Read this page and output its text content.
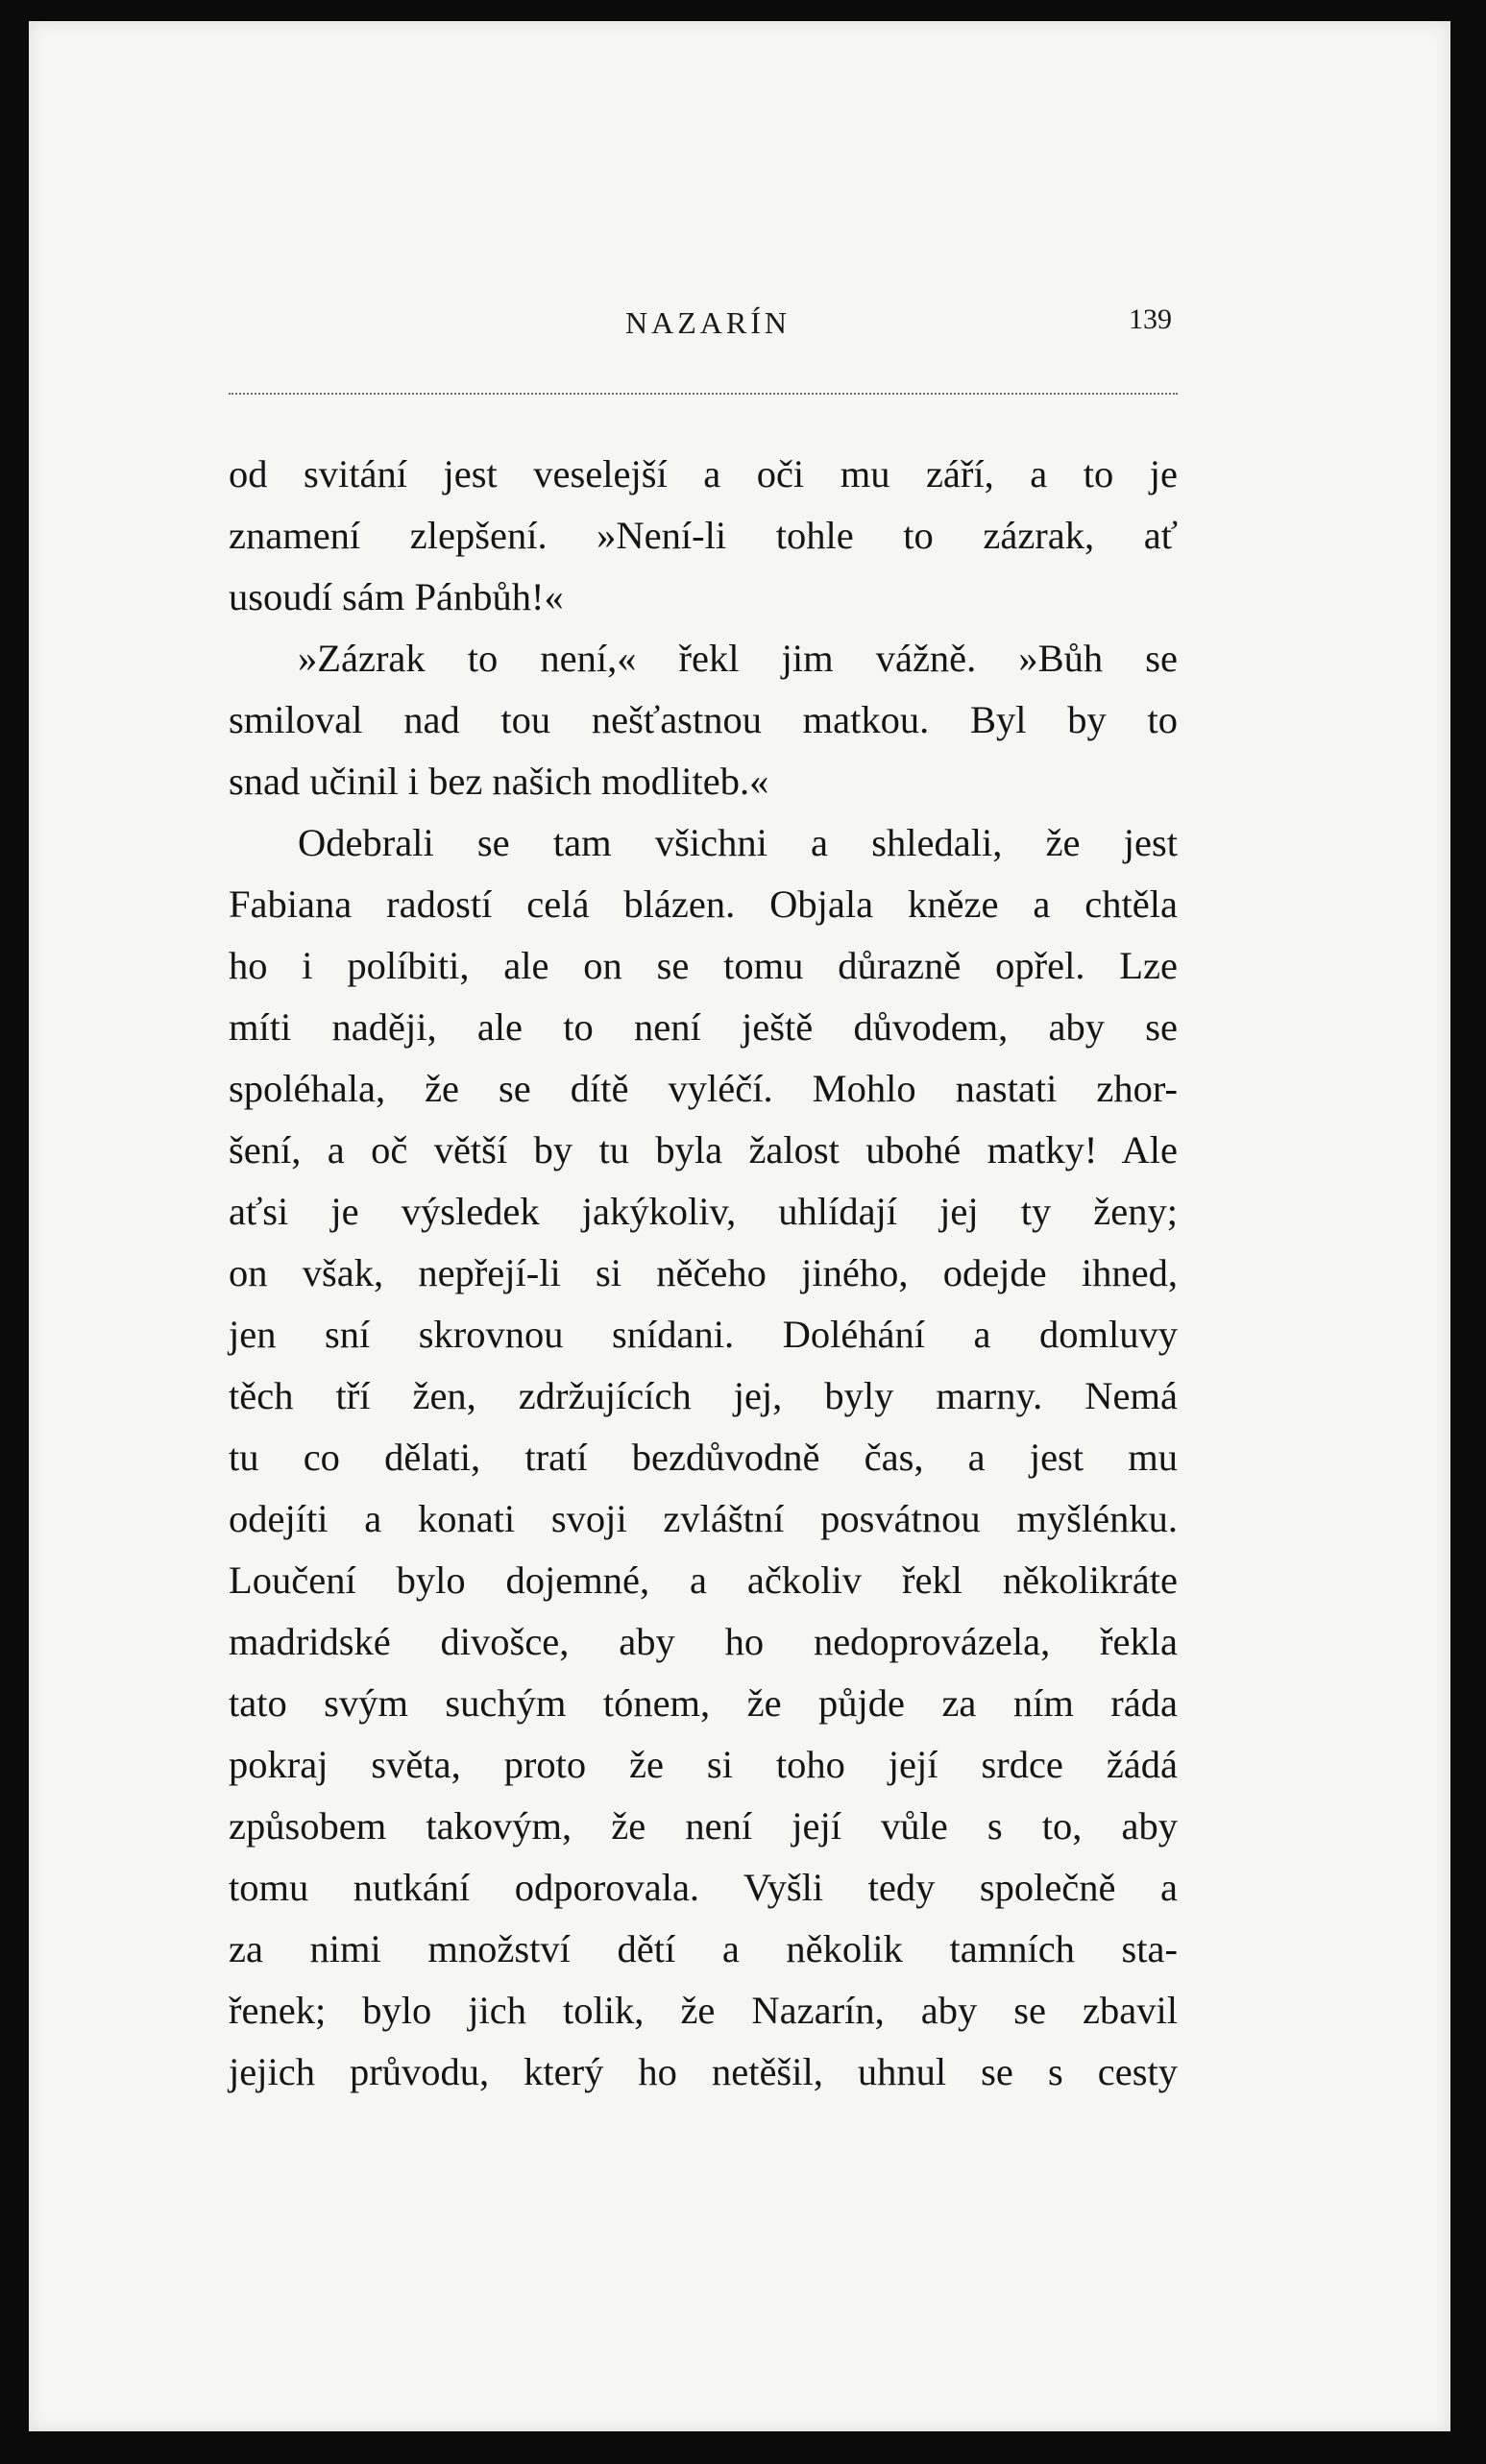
NAZARÍN	139
od svitání jest veselejší a oči mu září, a to je
znamení zlepšení. »Není-li tohle to zázrak, ať
usoudí sám Pánbůh!«
»Zázrak to není,« řekl jim vážně. »Bůh se
smiloval nad tou nešťastnou matkou. Byl by to
snad učinil i bez našich modliteb.«
Odebrali se tam všichni a shledali, že jest
Fabiana radostí celá blázen. Objala kněze a chtěla
ho i políbiti, ale on se tomu důrazně opřel. Lze
míti naději, ale to není ještě důvodem, aby se
spoléhala, že se dítě vyléčí. Mohlo nastati zhor-
šení, a oč větší by tu byla žalost ubohé matky! Ale
aťsi je výsledek jakýkoliv, uhlídají jej ty ženy;
on však, nepřejí-li si něčeho jiného, odejde ihned,
jen sní skrovnou snídani. Doléhání a domluvy
těch tří žen, zdržujících jej, byly marny. Nemá
tu co dělati, tratí bezdůvodně čas, a jest mu
odejíti a konati svoji zvláštní posvátnou myšlénku.
Loučení bylo dojemné, a ačkoliv řekl několikráte
madridské divošce, aby ho nedoprovázela, řekla
tato svým suchým tónem, že půjde za ním ráda
pokraj světa, proto že si toho její srdce žádá
způsobem takovým, že není její vůle s to, aby
tomu nutkání odporovala. Vyšli tedy společně a
za nimi množství dětí a několik tamních sta-
řenek; bylo jich tolik, že Nazarín, aby se zbavil
jejich průvodu, který ho netěšil, uhnul se s cesty
